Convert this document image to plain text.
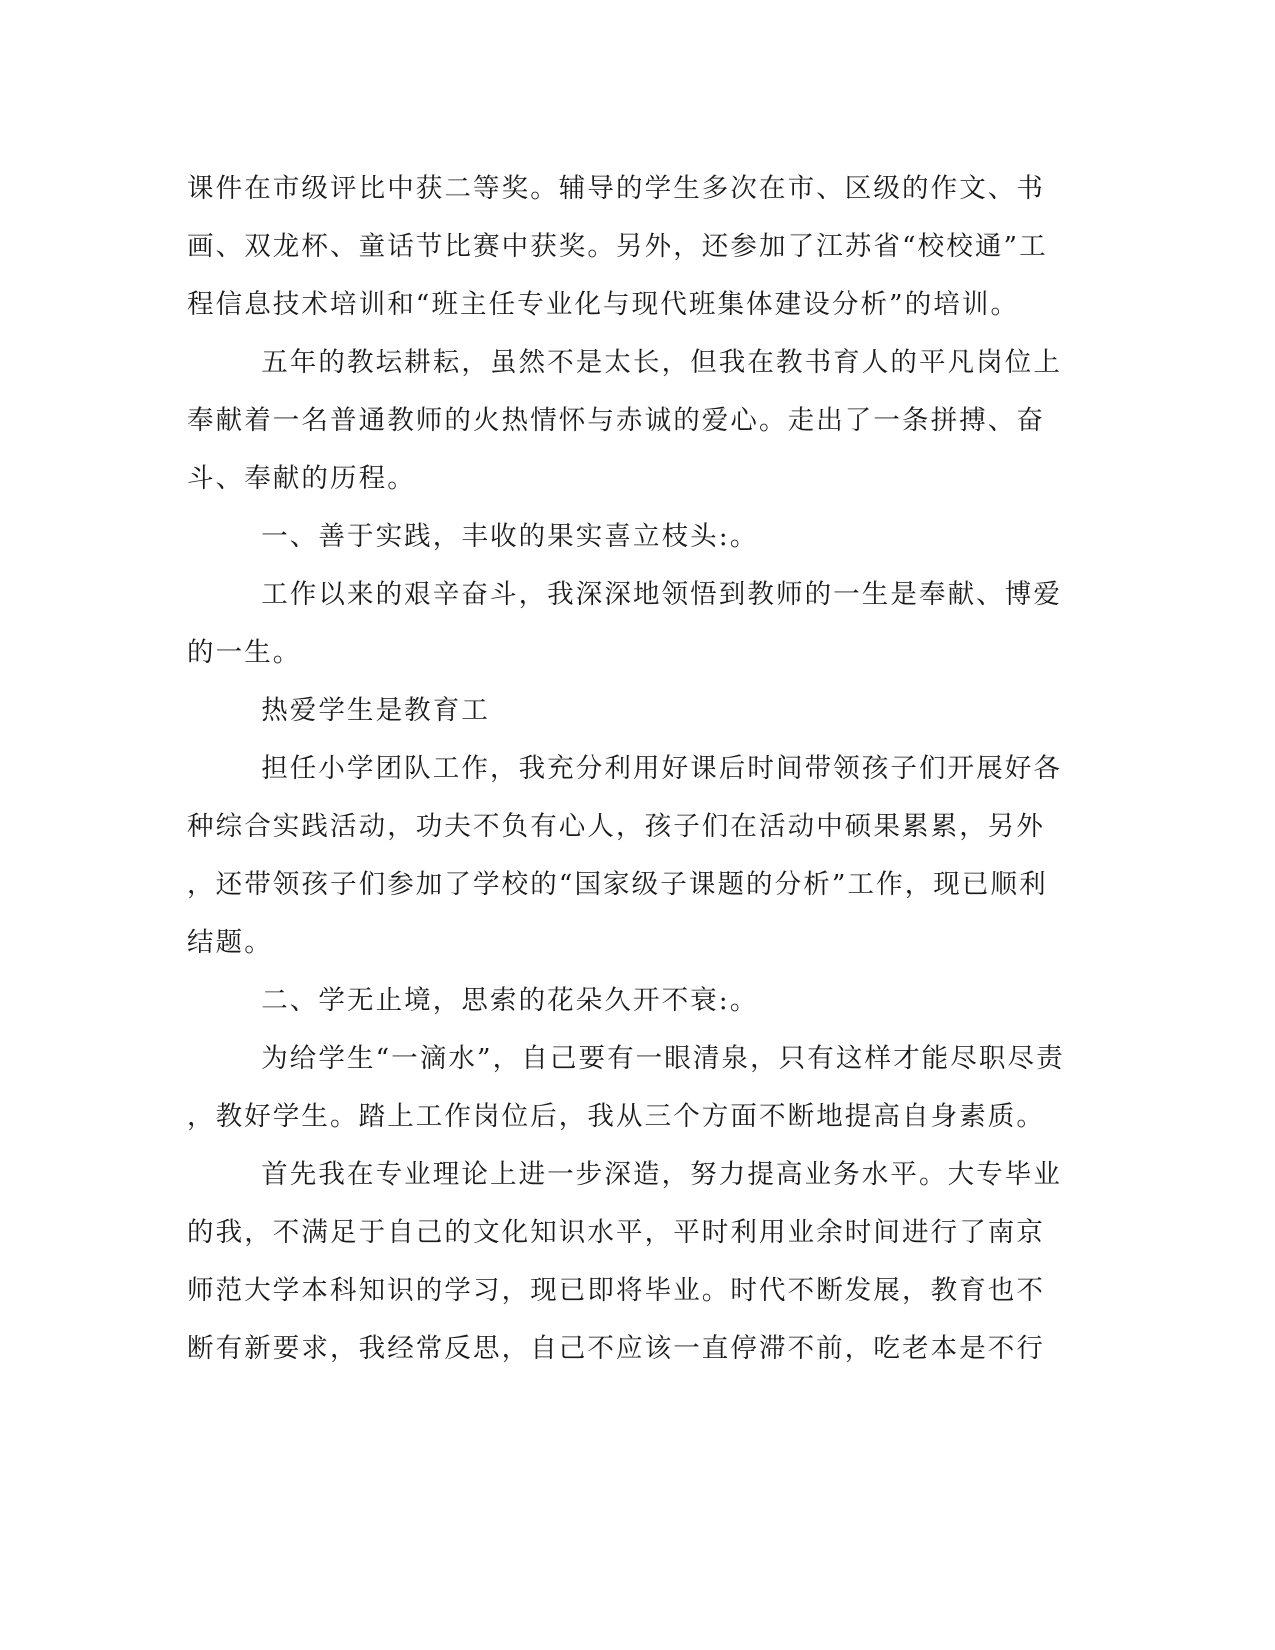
课件在市级评比中获二等奖。辅导的学生多次在市、区级的作文、书
画、双龙杯、童话节比赛中获奖。另外，还参加了江苏省“校校通”工
程信息技术培训和“班主任专业化与现代班集体建设分析”的培训。

五年的教坛耕耘，虽然不是太长，但我在教书育人的平凡岗位上
奉献着一名普通教师的火热情怀与赤诚的爱心。走出了一条拼搏、奋
斗、奉献的历程。

一、善于实践，丰收的果实喜立枝头:。

工作以来的艰辛奋斗，我深深地领悟到教师的一生是奉献、博爱
的一生。

热爱学生是教育工

担任小学团队工作，我充分利用好课后时间带领孩子们开展好各
种综合实践活动，功夫不负有心人，孩子们在活动中硕果累累，另外
，还带领孩子们参加了学校的“国家级子课题的分析”工作，现已顺利
结题。

二、学无止境，思索的花朵久开不衰:。

为给学生“一滴水”，自己要有一眼清泉，只有这样才能尽职尽责
，教好学生。踏上工作岗位后，我从三个方面不断地提高自身素质。

首先我在专业理论上进一步深造，努力提高业务水平。大专毕业
的我，不满足于自己的文化知识水平，平时利用业余时间进行了南京
师范大学本科知识的学习，现已即将毕业。时代不断发展，教育也不
断有新要求，我经常反思，自己不应该一直停滞不前，吃老本是不行
